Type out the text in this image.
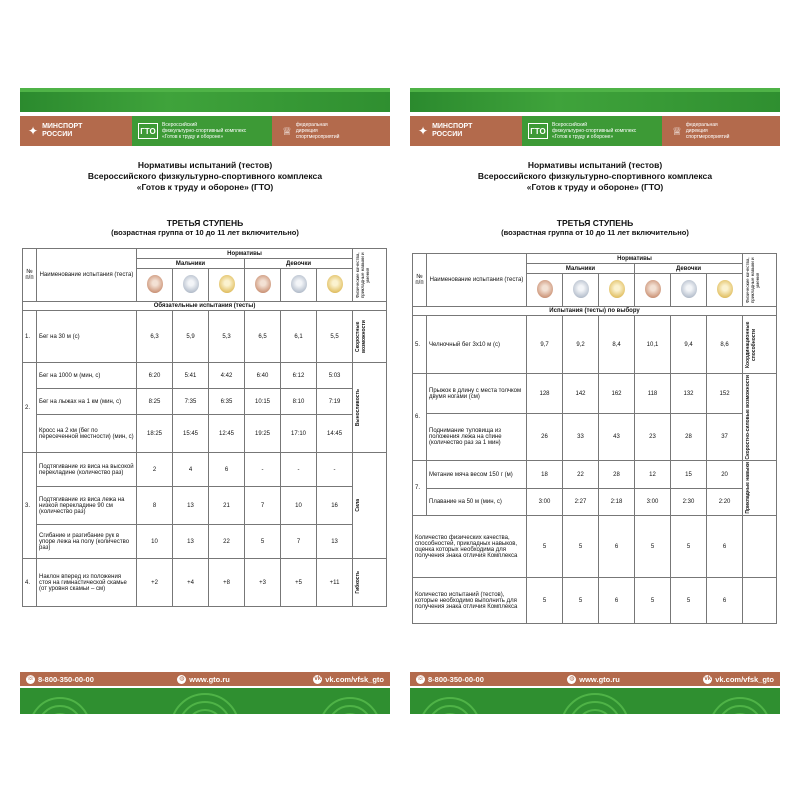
✦ МИНСПОРТ
РОССИИ	ГТО
Всероссийский
физкультурно-спортивный комплекс
«Готов к труду и обороне»	♕
федеральная
дирекция
спортмероприятий
Нормативы испытаний (тестов)
Всероссийского физкультурно-спортивного комплекса
«Готов к труду и обороне» (ГТО)
ТРЕТЬЯ СТУПЕНЬ
(возрастная группа от 10 до 11 лет включительно)
№ п/п	Наименование испытания (теста)	Нормативы						Физические качества, прикладные навыки и умения

		Мальчики			Девочки			

Обязательные испытания (тесты)								
1.	Бег на 30 м (с)	6,3	5,9	5,3	6,5	6,1	5,5	Скоростные возможности

2.	Бег на 1000 м (мин, с)	6:20	5:41	4:42	6:40	6:12	5:03	Выносливость

	Бег на лыжах на 1 км (мин, с)	8:25	7:35	6:35	10:15	8:10	7:19	
	Кросс на 2 км (бег по пересеченной местности) (мин, с)	18:25	15:45	12:45	19:25	17:10	14:45	
3.	Подтягивание из виса на высокой перекладине (количество раз)	2	4	6	-	-	-	Сила

	Подтягивание из виса лежа на низкой перекладине 90 см (количество раз)	8	13	21	7	10	16	
	Сгибание и разгибание рук в упоре лежа на полу (количество раз)	10	13	22	5	7	13	
4.	Наклон вперед из положения стоя на гимнастической скамье (от уровня скамьи – см)	+2	+4	+8	+3	+5	+11	Гибкость
☏ 8-800-350-00-00	◍ www.gto.ru	vk vk.com/vfsk_gto
✦ МИНСПОРТ
РОССИИ	ГТО
Всероссийский
физкультурно-спортивный комплекс
«Готов к труду и обороне»	♕
федеральная
дирекция
спортмероприятий
Нормативы испытаний (тестов)
Всероссийского физкультурно-спортивного комплекса
«Готов к труду и обороне» (ГТО)
ТРЕТЬЯ СТУПЕНЬ
(возрастная группа от 10 до 11 лет включительно)
№ п/п	Наименование испытания (теста)	Нормативы						Физические качества, прикладные навыки и умения

		Мальчики			Девочки			

Испытания (тесты) по выбору								
5.	Челночный бег 3х10 м (с)	9,7	9,2	8,4	10,1	9,4	8,6	Координационные способности

6.	Прыжок в длину с места толчком двумя ногами (см)	128	142	162	118	132	152	Скоростно-силовые возможности

	Поднимание туловища из положения лежа на спине (количество раз за 1 мин)	26	33	43	23	28	37	
7.	Метание мяча весом 150 г (м)	18	22	28	12	15	20	Прикладные навыки

	Плавание на 50 м (мин, с)	3:00	2:27	2:18	3:00	2:30	2:20	
Количество физических качества, способностей, прикладных навыков, оценка которых необходима для получения знака отличия Комплекса		5	5	6	5	5	6	
Количество испытаний (тестов), которые необходимо выполнить для получения знака отличия Комплекса		5	5	6	5	5	6	
☏ 8-800-350-00-00	◍ www.gto.ru	vk vk.com/vfsk_gto
